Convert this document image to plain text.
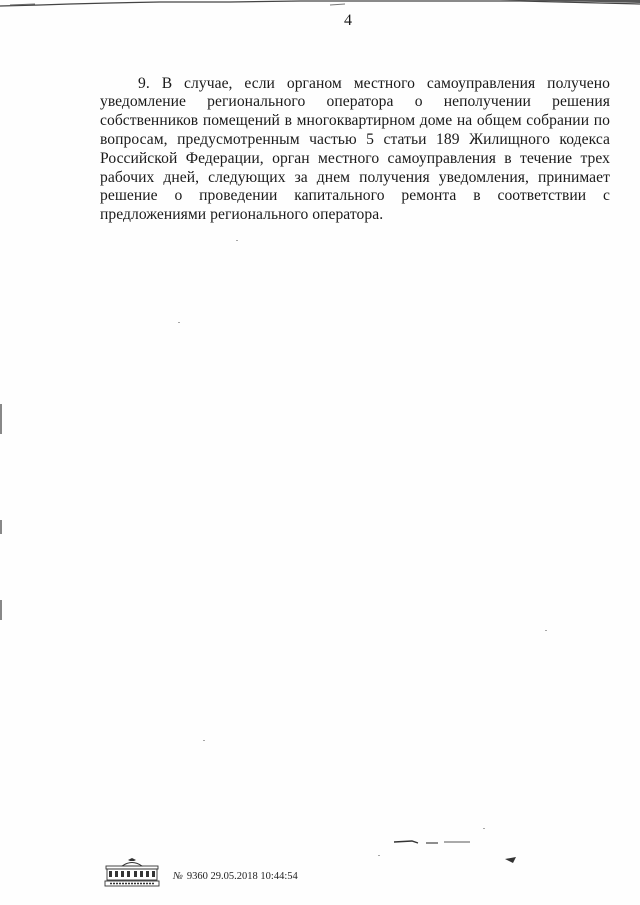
4

9. В случае, если органом местного самоуправления получено уведомление регионального оператора о неполучении решения собственников помещений в многоквартирном доме на общем собрании по вопросам, предусмотренным частью 5 статьи 189 Жилищного кодекса Российской Федерации, орган местного самоуправления в течение трех рабочих дней, следующих за днем получения уведомления, принимает решение о проведении капитального ремонта в соответствии с предложениями регионального оператора.

№ 9360 29.05.2018 10:44:54
